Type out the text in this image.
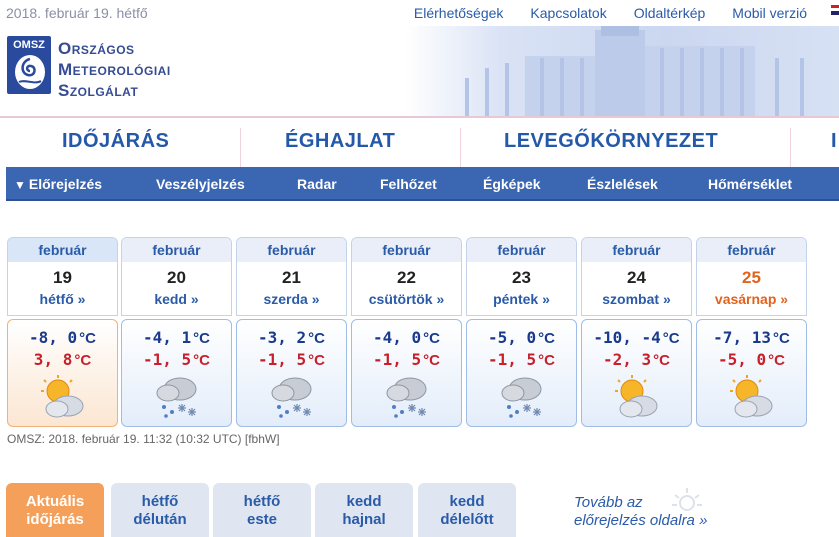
2018. február 19. hétfő	Elérhetőségek Kapcsolatok Oldaltérkép Mobil verzió
OMSZ Országos
Meteorológiai
Szolgálat
IDŐJÁRÁS	ÉGHAJLAT	LEVEGŐKÖRNYEZET	I
▼ Előrejelzés	Veszélyjelzés	Radar	Felhőzet	Égképek	Észlelések	Hőmérséklet
február
19
hétfő »
-8, 0 °C
3, 8 °C
február
20
kedd »
-4, 1 °C
-1, 5 °C
február
21
szerda »
-3, 2 °C
-1, 5 °C
február
22
csütörtök »
-4, 0 °C
-1, 5 °C
február
23
péntek »
-5, 0 °C
-1, 5 °C
február
24
szombat »
-10, -4 °C
-2, 3 °C
február
25
vasárnap »
-7, 13 °C
-5, 0 °C
OMSZ: 2018. február 19. 11:32 (10:32 UTC) [fbhW]
Aktuális
időjárás
hétfő
délután
hétfő
este
kedd
hajnal
kedd
délelőtt
Tovább az
előrejelzés oldalra »
